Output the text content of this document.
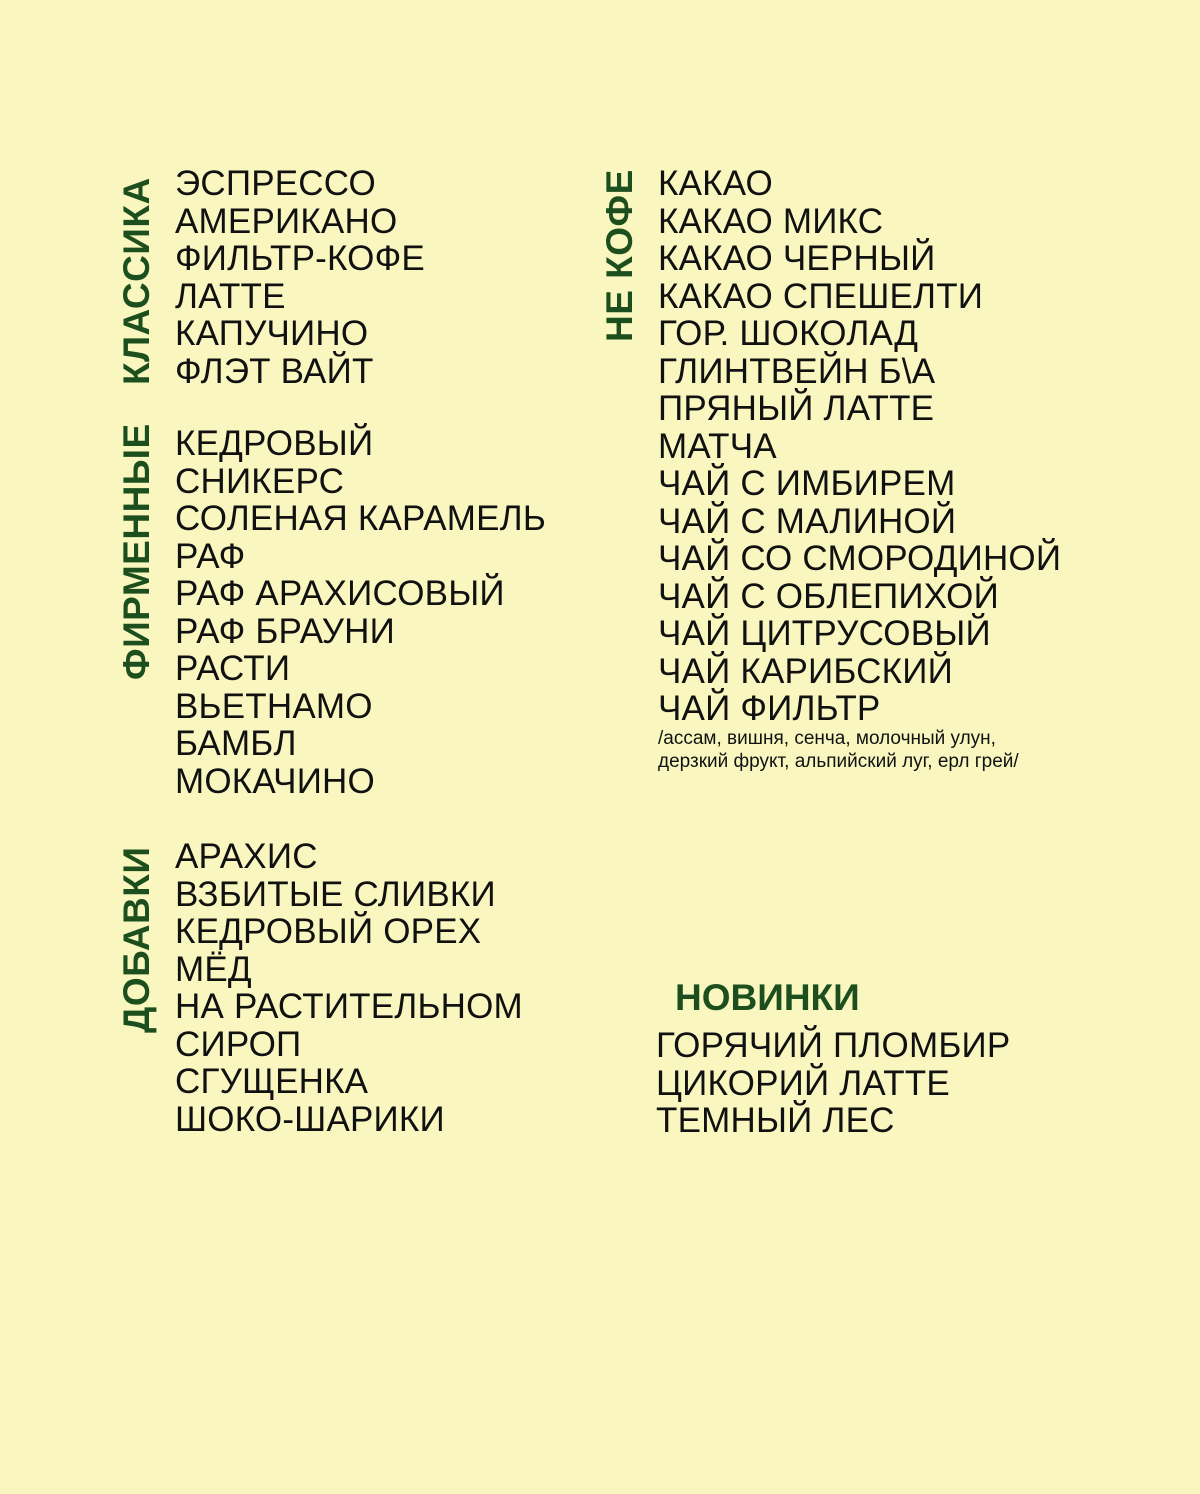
КЛАССИКА ЭСПРЕССО
АМЕРИКАНО
ФИЛЬТР-КОФЕ
ЛАТТЕ
КАПУЧИНО
ФЛЭТ ВАЙТ
ФИРМЕННЫЕ КЕДРОВЫЙ
СНИКЕРС
СОЛЕНАЯ КАРАМЕЛЬ
РАФ
РАФ АРАХИСОВЫЙ
РАФ БРАУНИ
РАСТИ
ВЬЕТНАМО
БАМБЛ
МОКАЧИНО
ДОБАВКИ АРАХИС
ВЗБИТЫЕ СЛИВКИ
КЕДРОВЫЙ ОРЕХ
МЁД
НА РАСТИТЕЛЬНОМ
СИРОП
СГУЩЕНКА
ШОКО-ШАРИКИ
НЕ КОФЕ КАКАО
КАКАО МИКС
КАКАО ЧЕРНЫЙ
КАКАО СПЕШЕЛТИ
ГОР. ШОКОЛАД
ГЛИНТВЕЙН Б\А
ПРЯНЫЙ ЛАТТЕ
МАТЧА
ЧАЙ С ИМБИРЕМ
ЧАЙ С МАЛИНОЙ
ЧАЙ СО СМОРОДИНОЙ
ЧАЙ С ОБЛЕПИХОЙ
ЧАЙ ЦИТРУСОВЫЙ
ЧАЙ КАРИБСКИЙ
ЧАЙ ФИЛЬТР
/ассам, вишня, сенча, молочный улун,
дерзкий фрукт, альпийский луг, ерл грей/
НОВИНКИ
ГОРЯЧИЙ ПЛОМБИР
ЦИКОРИЙ ЛАТТЕ
ТЕМНЫЙ ЛЕС
